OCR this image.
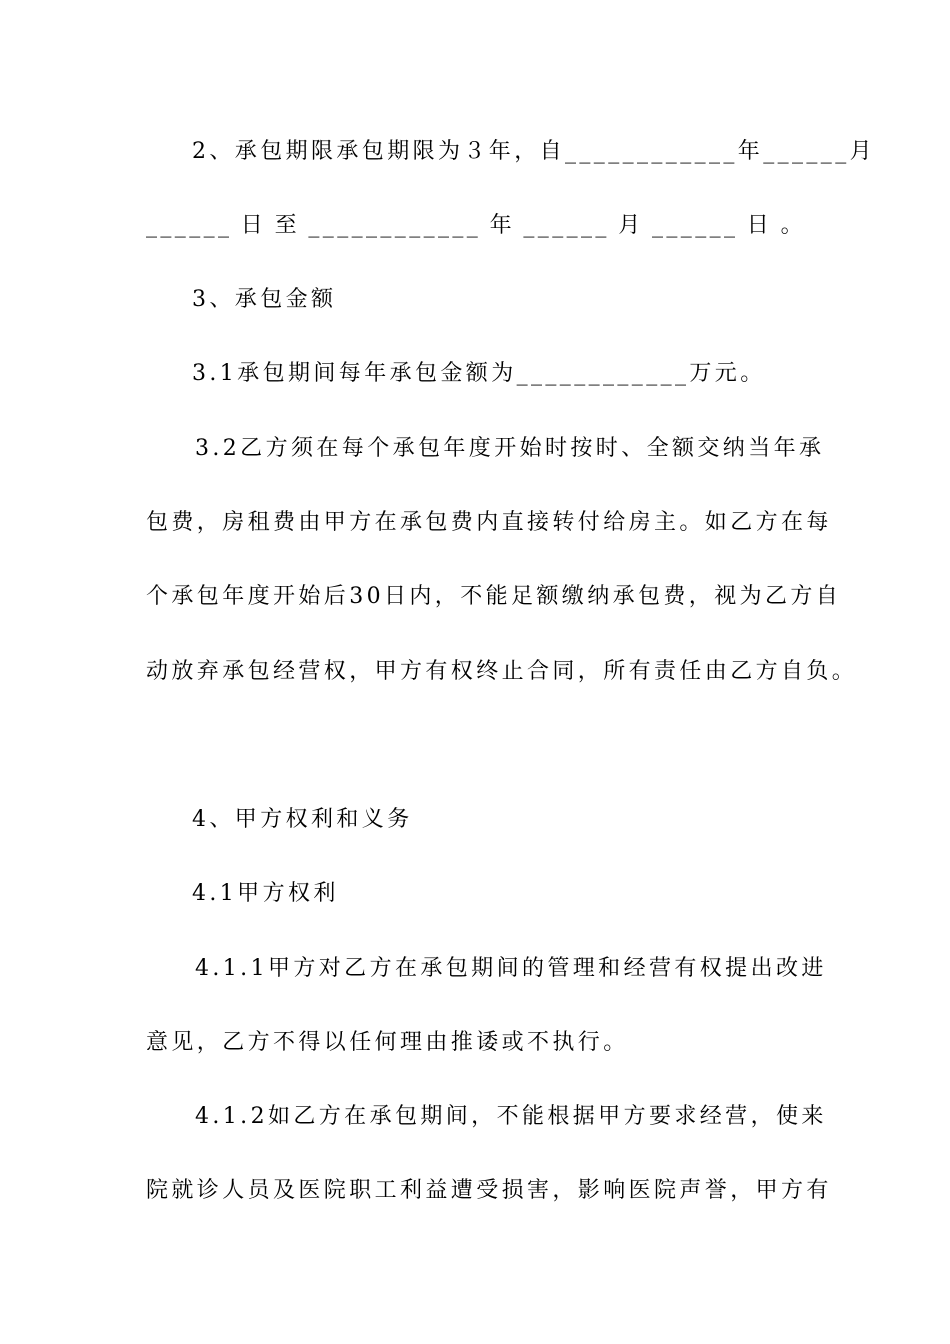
2、承包期限承包期限为３年，自____________年______月
______日至____________年______月______日。
3、承包金额
3.1承包期间每年承包金额为____________万元。
3.2乙方须在每个承包年度开始时按时、全额交纳当年承
包费，房租费由甲方在承包费内直接转付给房主。如乙方在每
个承包年度开始后30日内，不能足额缴纳承包费，视为乙方自
动放弃承包经营权，甲方有权终止合同，所有责任由乙方自负。
4、甲方权利和义务
4.1甲方权利
4.1.1甲方对乙方在承包期间的管理和经营有权提出改进
意见，乙方不得以任何理由推诿或不执行。
4.1.2如乙方在承包期间，不能根据甲方要求经营，使来
院就诊人员及医院职工利益遭受损害，影响医院声誉，甲方有
